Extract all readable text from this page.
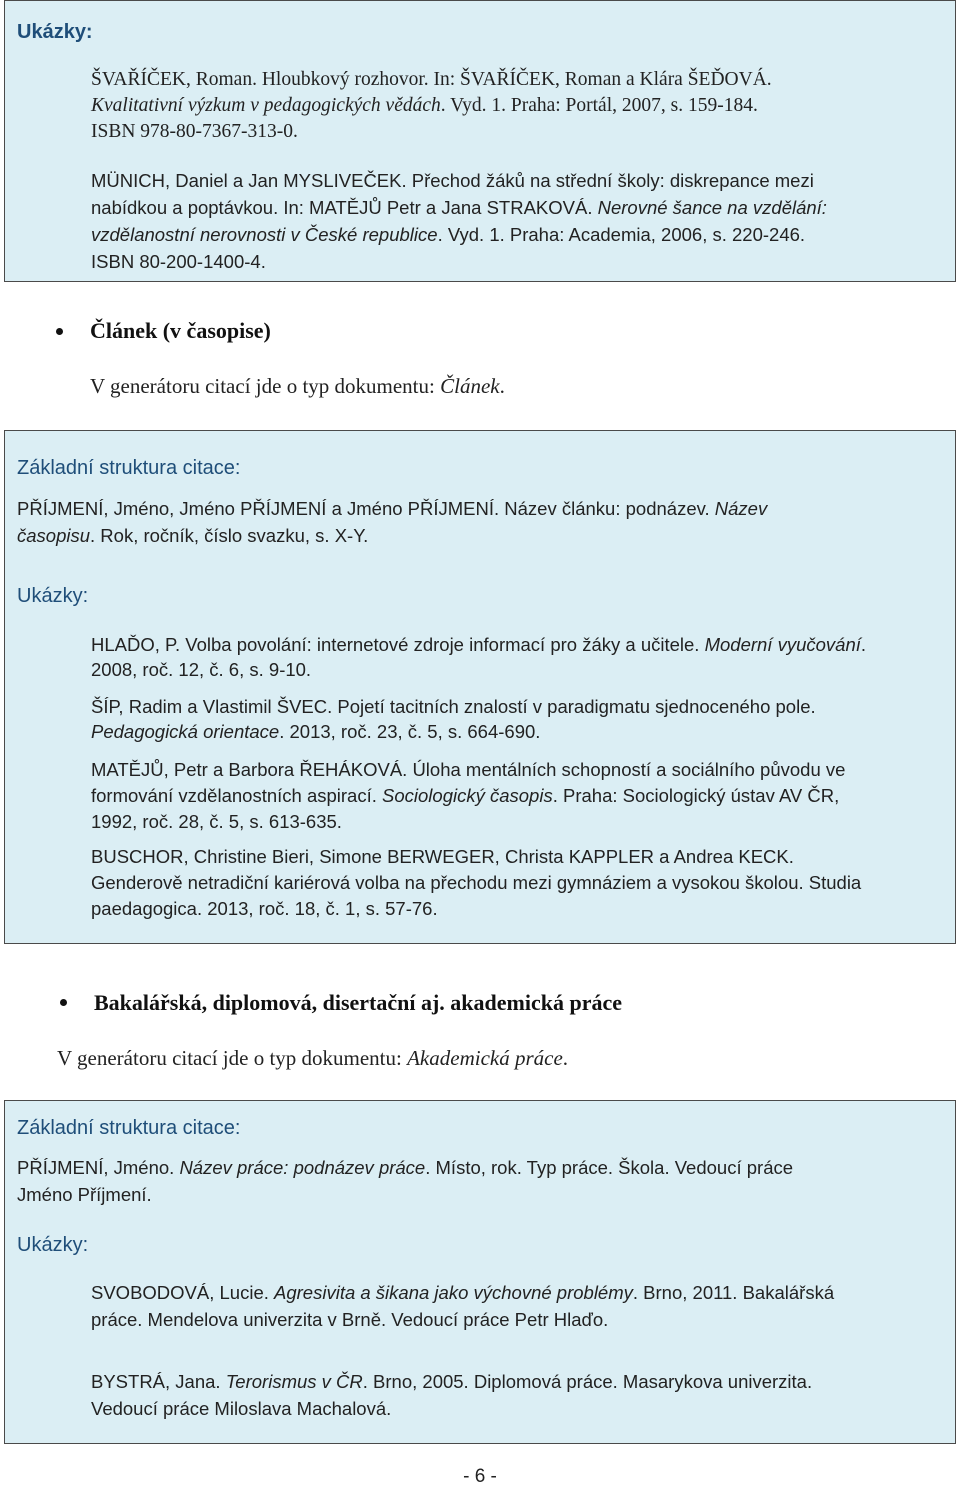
Ukázky:
ŠVAŘÍČEK, Roman. Hloubkový rozhovor. In: ŠVAŘÍČEK, Roman a Klára ŠEĎOVÁ.
Kvalitativní výzkum v pedagogických vědách. Vyd. 1. Praha: Portál, 2007, s. 159-184.
ISBN 978-80-7367-313-0.
MÜNICH, Daniel a Jan MYSLIVEČEK. Přechod žáků na střední školy: diskrepance mezi
nabídkou a poptávkou. In: MATĚJŮ Petr a Jana STRAKOVÁ. Nerovné šance na vzdělání:
vzdělanostní nerovnosti v České republice. Vyd. 1. Praha: Academia, 2006, s. 220-246.
ISBN 80-200-1400-4.
Článek (v časopise)
V generátoru citací jde o typ dokumentu: Článek.
Základní struktura citace:
PŘÍJMENÍ, Jméno, Jméno PŘÍJMENÍ a Jméno PŘÍJMENÍ. Název článku: podnázev. Název
časopisu. Rok, ročník, číslo svazku, s. X-Y.
Ukázky:
HLAĎO, P. Volba povolání: internetové zdroje informací pro žáky a učitele. Moderní vyučování.
2008, roč. 12, č. 6, s. 9-10.
ŠÍP, Radim a Vlastimil ŠVEC. Pojetí tacitních znalostí v paradigmatu sjednoceného pole.
Pedagogická orientace. 2013, roč. 23, č. 5, s. 664-690.
MATĚJŮ, Petr a Barbora ŘEHÁKOVÁ. Úloha mentálních schopností a sociálního původu ve
formování vzdělanostních aspirací. Sociologický časopis. Praha: Sociologický ústav AV ČR,
1992, roč. 28, č. 5, s. 613-635.
BUSCHOR, Christine Bieri, Simone BERWEGER, Christa KAPPLER a Andrea KECK.
Genderově netradiční kariérová volba na přechodu mezi gymnáziem a vysokou školou. Studia
paedagogica. 2013, roč. 18, č. 1, s. 57-76.
Bakalářská, diplomová, disertační aj. akademická práce
V generátoru citací jde o typ dokumentu: Akademická práce.
Základní struktura citace:
PŘÍJMENÍ, Jméno. Název práce: podnázev práce. Místo, rok. Typ práce. Škola. Vedoucí práce
Jméno Příjmení.
Ukázky:
SVOBODOVÁ, Lucie. Agresivita a šikana jako výchovné problémy. Brno, 2011. Bakalářská
práce. Mendelova univerzita v Brně. Vedoucí práce Petr Hlaďo.
BYSTRÁ, Jana. Terorismus v ČR. Brno, 2005. Diplomová práce. Masarykova univerzita.
Vedoucí práce Miloslava Machalová.
- 6 -
